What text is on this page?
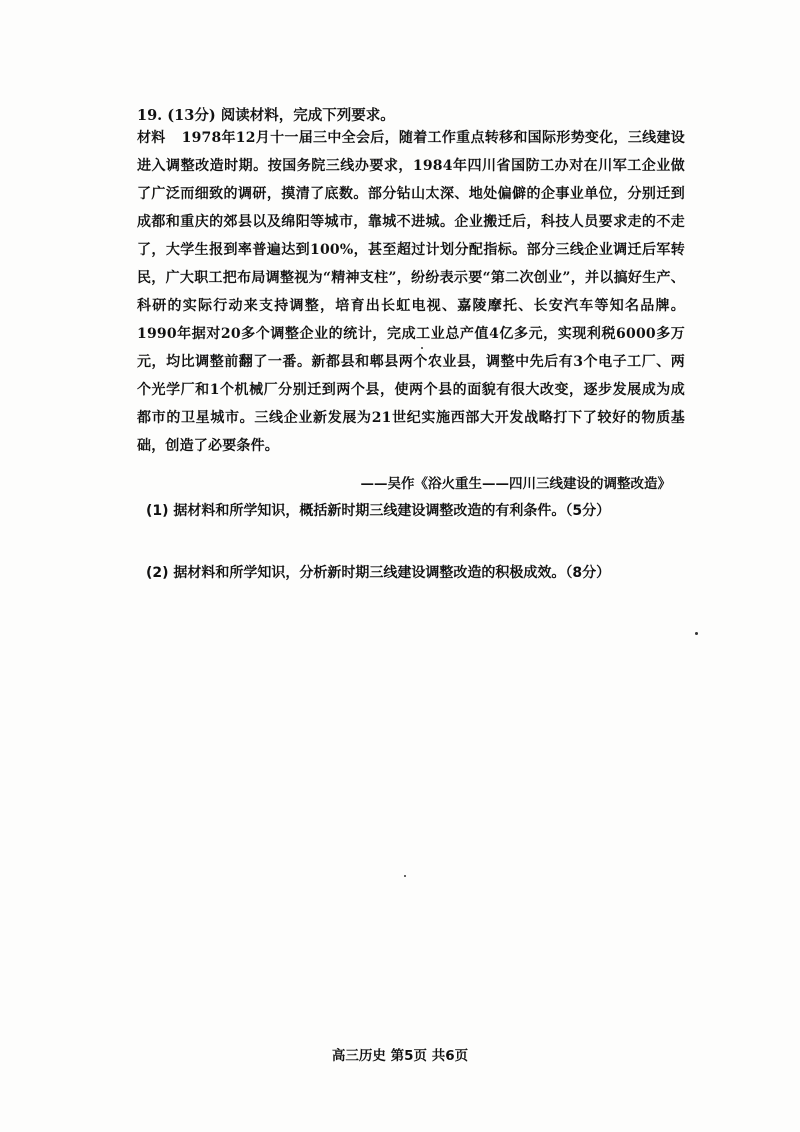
19. (13分) 阅读材料，完成下列要求。
材料 1978年12月十一届三中全会后，随着工作重点转移和国际形势变化，三线建设进入调整改造时期。按国务院三线办要求，1984年四川省国防工办对在川军工企业做了广泛而细致的调研，摸清了底数。部分钻山太深、地处偏僻的企事业单位，分别迁到成都和重庆的郊县以及绵阳等城市，靠城不进城。企业搬迁后，科技人员要求走的不走了，大学生报到率普遍达到100%，甚至超过计划分配指标。部分三线企业调迁后军转民，广大职工把布局调整视为“精神支柱”，纷纷表示要“第二次创业”，并以搞好生产、科研的实际行动来支持调整，培育出长虹电视、嘉陵摩托、长安汽车等知名品牌。1990年据对20多个调整企业的统计，完成工业总产值4亿多元，实现利税6000多万元，均比调整前翻了一番。新都县和郫县两个农业县，调整中先后有3个电子工厂、两个光学厂和1个机械厂分别迁到两个县，使两个县的面貌有很大改变，逐步发展成为成都市的卫星城市。三线企业新发展为21世纪实施西部大开发战略打下了较好的物质基础，创造了必要条件。
——吴作《浴火重生——四川三线建设的调整改造》
(1) 据材料和所学知识，概括新时期三线建设调整改造的有利条件。（5分）
(2) 据材料和所学知识，分析新时期三线建设调整改造的积极成效。（8分）
高三历史 第5页 共6页
